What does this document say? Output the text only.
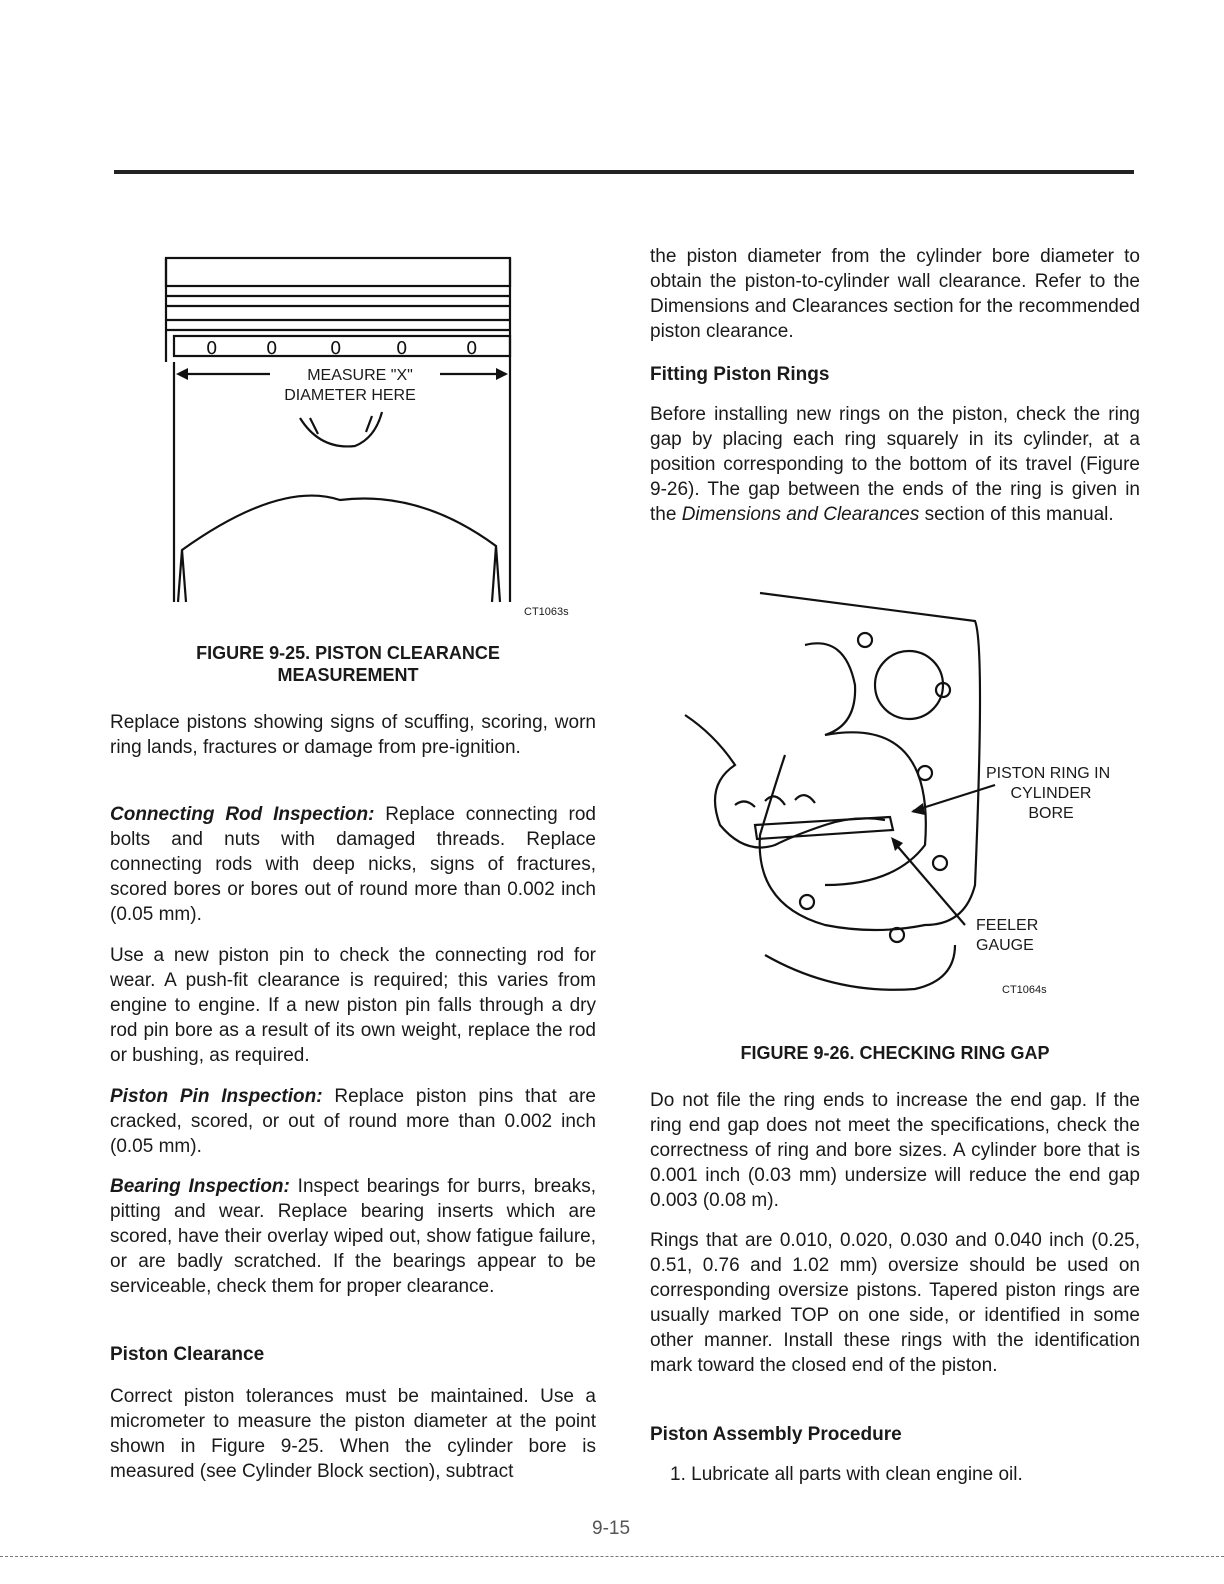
0	0	0	0	0
MEASURE "X"
DIAMETER HERE
CT1063s
FIGURE 9-25. PISTON CLEARANCE
MEASUREMENT

Replace pistons showing signs of scuffing, scoring, worn ring lands, fractures or damage from pre-ignition.

Connecting Rod Inspection: Replace connecting rod bolts and nuts with damaged threads. Replace connecting rods with deep nicks, signs of fractures, scored bores or bores out of round more than 0.002 inch (0.05 mm).

Use a new piston pin to check the connecting rod for wear. A push-fit clearance is required; this varies from engine to engine. If a new piston pin falls through a dry rod pin bore as a result of its own weight, replace the rod or bushing, as required.

Piston Pin Inspection: Replace piston pins that are cracked, scored, or out of round more than 0.002 inch (0.05 mm).

Bearing Inspection: Inspect bearings for burrs, breaks, pitting and wear. Replace bearing inserts which are scored, have their overlay wiped out, show fatigue failure, or are badly scratched. If the bearings appear to be serviceable, check them for proper clearance.

Piston Clearance

Correct piston tolerances must be maintained. Use a micrometer to measure the piston diameter at the point shown in Figure 9-25. When the cylinder bore is measured (see Cylinder Block section), subtract

the piston diameter from the cylinder bore diameter to obtain the piston-to-cylinder wall clearance. Refer to the Dimensions and Clearances section for the recommended piston clearance.

Fitting Piston Rings

Before installing new rings on the piston, check the ring gap by placing each ring squarely in its cylinder, at a position corresponding to the bottom of its travel (Figure 9-26). The gap between the ends of the ring is given in the Dimensions and Clearances section of this manual.

PISTON RING IN
CYLINDER
BORE
FEELER
GAUGE
CT1064s
FIGURE 9-26. CHECKING RING GAP

Do not file the ring ends to increase the end gap. If the ring end gap does not meet the specifications, check the correctness of ring and bore sizes. A cylinder bore that is 0.001 inch (0.03 mm) undersize will reduce the end gap 0.003 (0.08 m).

Rings that are 0.010, 0.020, 0.030 and 0.040 inch (0.25, 0.51, 0.76 and 1.02 mm) oversize should be used on corresponding oversize pistons. Tapered piston rings are usually marked TOP on one side, or identified in some other manner. Install these rings with the identification mark toward the closed end of the piston.

Piston Assembly Procedure

1. Lubricate all parts with clean engine oil.

9-15
